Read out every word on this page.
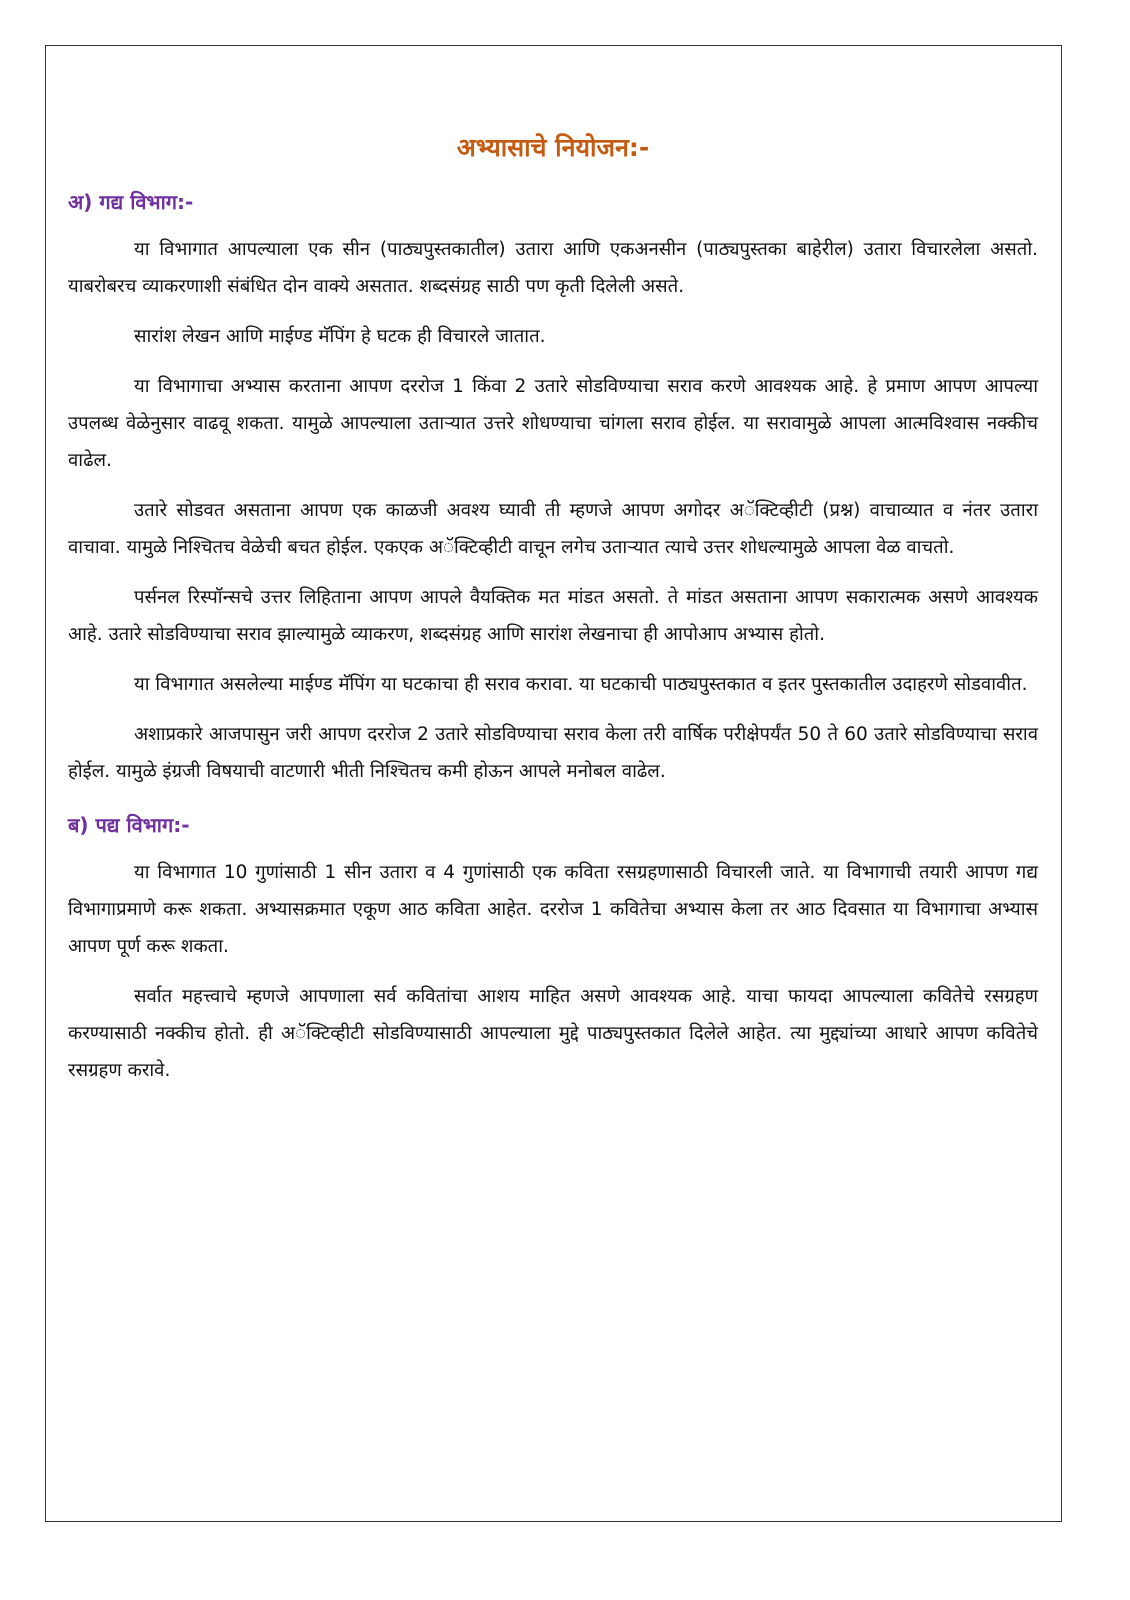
अभ्यासाचे नियोजन:-
अ) गद्य विभाग:-

या विभागात आपल्याला एक सीन (पाठ्यपुस्तकातील) उतारा आणि एकअनसीन (पाठ्यपुस्तका बाहेरील) उतारा विचारलेला असतो. याबरोबरच व्याकरणाशी संबंधित दोन वाक्ये असतात. शब्दसंग्रह साठी पण कृती दिलेली असते.

सारांश लेखन आणि माईण्ड मॅपिंग हे घटक ही विचारले जातात.

या विभागाचा अभ्यास करताना आपण दररोज 1 किंवा 2 उतारे सोडविण्याचा सराव करणे आवश्यक आहे. हे प्रमाण आपण आपल्या उपलब्ध वेळेनुसार वाढवू शकता. यामुळे आपल्याला उताऱ्यात उत्तरे शोधण्याचा चांगला सराव होईल. या सरावामुळे आपला आत्मविश्वास नक्कीच वाढेल.

उतारे सोडवत असताना आपण एक काळजी अवश्य घ्यावी ती म्हणजे आपण अगोदर अॅक्टिव्हीटी (प्रश्न) वाचाव्यात व नंतर उतारा वाचावा. यामुळे निश्चितच वेळेची बचत होईल. एकएक अॅक्टिव्हीटी वाचून लगेच उताऱ्यात त्याचे उत्तर शोधल्यामुळे आपला वेळ वाचतो.

पर्सनल रिस्पॉन्सचे उत्तर लिहिताना आपण आपले वैयक्तिक मत मांडत असतो. ते मांडत असताना आपण सकारात्मक असणे आवश्यक आहे. उतारे सोडविण्याचा सराव झाल्यामुळे व्याकरण, शब्दसंग्रह आणि सारांश लेखनाचा ही आपोआप अभ्यास होतो.

या विभागात असलेल्या माईण्ड मॅपिंग या घटकाचा ही सराव करावा. या घटकाची पाठ्यपुस्तकात व इतर पुस्तकातील उदाहरणे सोडवावीत.

अशाप्रकारे आजपासुन जरी आपण दररोज 2 उतारे सोडविण्याचा सराव केला तरी वार्षिक परीक्षेपर्यंत 50 ते 60 उतारे सोडविण्याचा सराव होईल. यामुळे इंग्रजी विषयाची वाटणारी भीती निश्चितच कमी होऊन आपले मनोबल वाढेल.

ब) पद्य विभाग:-

या विभागात 10 गुणांसाठी 1 सीन उतारा व 4 गुणांसाठी एक कविता रसग्रहणासाठी विचारली जाते. या विभागाची तयारी आपण गद्य विभागाप्रमाणे करू शकता. अभ्यासक्रमात एकूण आठ कविता आहेत. दररोज 1 कवितेचा अभ्यास केला तर आठ दिवसात या विभागाचा अभ्यास आपण पूर्ण करू शकता.

सर्वात महत्त्वाचे म्हणजे आपणाला सर्व कवितांचा आशय माहित असणे आवश्यक आहे. याचा फायदा आपल्याला कवितेचे रसग्रहण करण्यासाठी नक्कीच होतो. ही अॅक्टिव्हीटी सोडविण्यासाठी आपल्याला मुद्दे पाठ्यपुस्तकात दिलेले आहेत. त्या मुद्द्यांच्या आधारे आपण कवितेचे रसग्रहण करावे.
